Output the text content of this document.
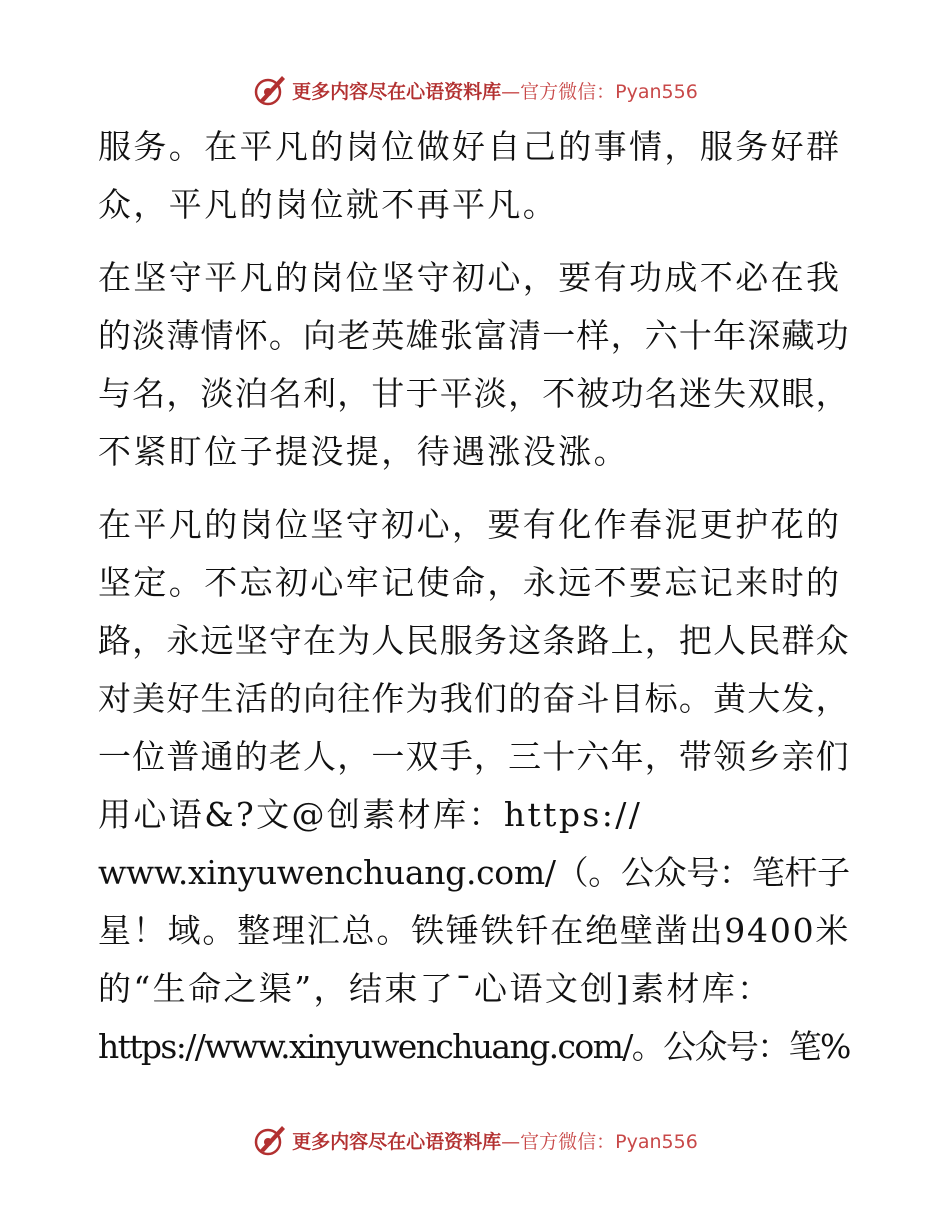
更多内容尽在心语资料库 —官方微信：Pyan556
服务。在平凡的岗位做好自己的事情，服务好群
众，平凡的岗位就不再平凡。
在坚守平凡的岗位坚守初心，要有功成不必在我
的淡薄情怀。向老英雄张富清一样，六十年深藏功
与名，淡泊名利，甘于平淡，不被功名迷失双眼，
不紧盯位子提没提，待遇涨没涨。
在平凡的岗位坚守初心，要有化作春泥更护花的
坚定。不忘初心牢记使命，永远不要忘记来时的
路，永远坚守在为人民服务这条路上，把人民群众
对美好生活的向往作为我们的奋斗目标。黄大发，
一位普通的老人，一双手，三十六年，带领乡亲们
用心语&?文@创素材库：https://
www.xinyuwenchuang.com/（。公众号：笔杆子
星！域。整理汇总。铁锤铁钎在绝壁凿出9400米
的“生命之渠”，结束了¯心语文创]素材库：
https://www.xinyuwenchuang.com/。公众号：笔%
更多内容尽在心语资料库 —官方微信：Pyan556
